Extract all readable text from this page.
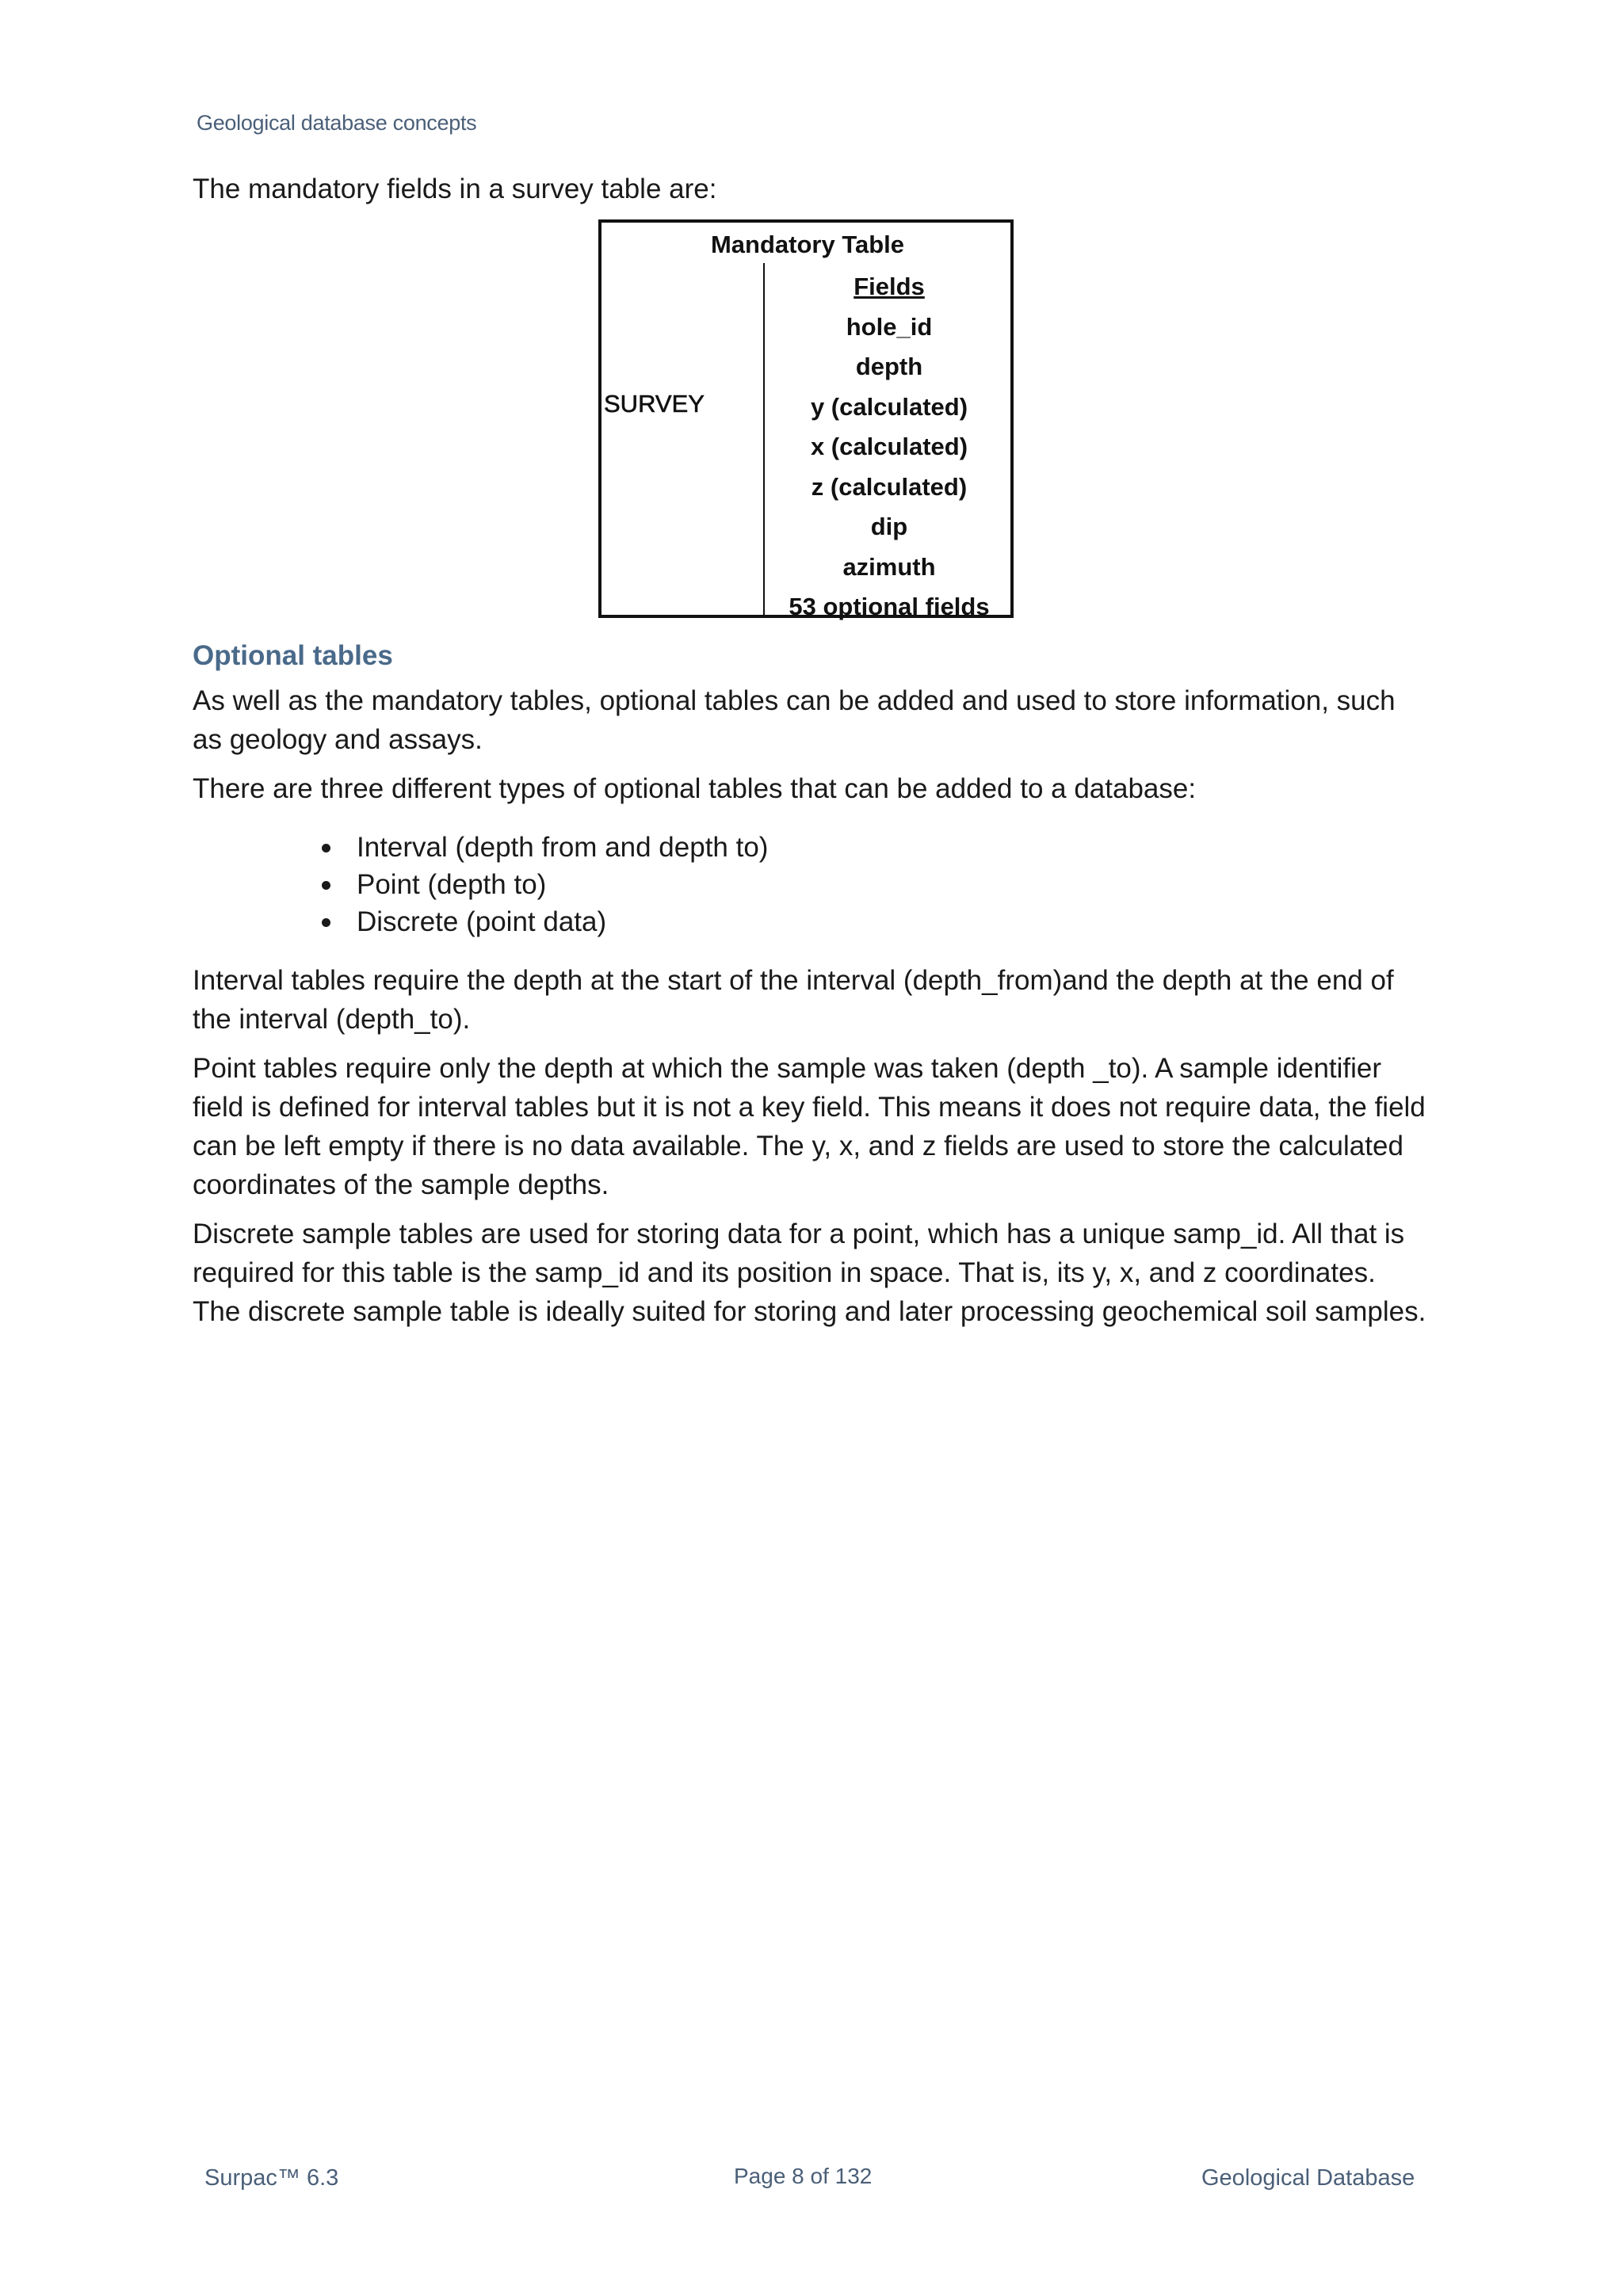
Geological database concepts

The mandatory fields in a survey table are:

Mandatory Table
SURVEY
Fields
hole_id
depth
y (calculated)
x (calculated)
z (calculated)
dip
azimuth
53 optional fields
Optional tables

As well as the mandatory tables, optional tables can be added and used to store information, such as geology and assays.

There are three different types of optional tables that can be added to a database:

Interval (depth from and depth to)
Point (depth to)
Discrete (point data)

Interval tables require the depth at the start of the interval (depth_from)and the depth at the end of the interval (depth_to).

Point tables require only the depth at which the sample was taken (depth _to). A sample identifier field is defined for interval tables but it is not a key field. This means it does not require data, the field can be left empty if there is no data available. The y, x, and z fields are used to store the calculated coordinates of the sample depths.

Discrete sample tables are used for storing data for a point, which has a unique samp_id. All that is required for this table is the samp_id and its position in space. That is, its y, x, and z coordinates. The discrete sample table is ideally suited for storing and later processing geochemical soil samples.

Surpac™ 6.3	Page 8 of 132	Geological Database
